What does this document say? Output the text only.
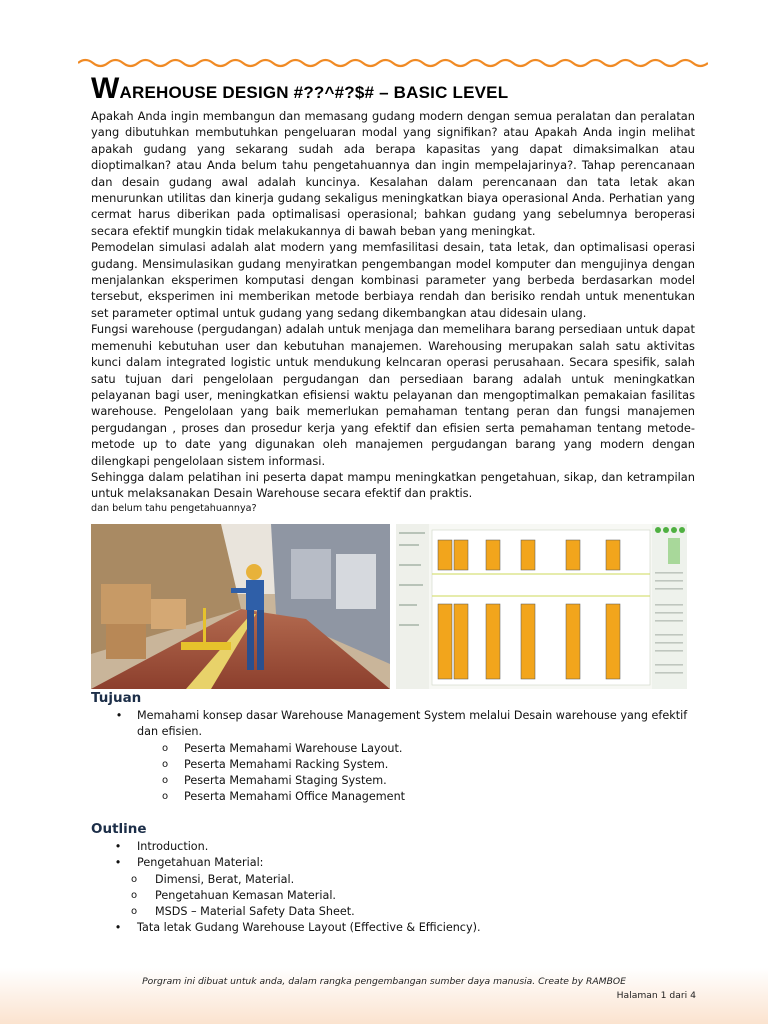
WAREHOUSE DESIGN #??^#?$# – BASIC LEVEL

Apakah Anda ingin membangun dan memasang gudang modern dengan semua peralatan dan peralatan yang dibutuhkan membutuhkan pengeluaran modal yang signifikan? atau Apakah Anda ingin melihat apakah gudang yang sekarang sudah ada berapa kapasitas yang dapat dimaksimalkan atau dioptimalkan? atau Anda belum tahu pengetahuannya dan ingin mempelajarinya?. Tahap perencanaan dan desain gudang awal adalah kuncinya. Kesalahan dalam perencanaan dan tata letak akan menurunkan utilitas dan kinerja gudang sekaligus meningkatkan biaya operasional Anda. Perhatian yang cermat harus diberikan pada optimalisasi operasional; bahkan gudang yang sebelumnya beroperasi secara efektif mungkin tidak melakukannya di bawah beban yang meningkat.

Pemodelan simulasi adalah alat modern yang memfasilitasi desain, tata letak, dan optimalisasi operasi gudang. Mensimulasikan gudang menyiratkan pengembangan model komputer dan mengujinya dengan menjalankan eksperimen komputasi dengan kombinasi parameter yang berbeda berdasarkan model tersebut, eksperimen ini memberikan metode berbiaya rendah dan berisiko rendah untuk menentukan set parameter optimal untuk gudang yang sedang dikembangkan atau didesain ulang.

Fungsi warehouse (pergudangan) adalah untuk menjaga dan memelihara barang persediaan untuk dapat memenuhi kebutuhan user dan kebutuhan manajemen. Warehousing merupakan salah satu aktivitas kunci dalam integrated logistic untuk mendukung kelncaran operasi perusahaan. Secara spesifik, salah satu tujuan dari pengelolaan pergudangan dan persediaan barang adalah untuk meningkatkan pelayanan bagi user, meningkatkan efisiensi waktu pelayanan dan mengoptimalkan pemakaian fasilitas warehouse. Pengelolaan yang baik memerlukan pemahaman tentang peran dan fungsi manajemen pergudangan , proses dan prosedur kerja yang efektif dan efisien serta pemahaman tentang metode-metode up to date yang digunakan oleh manajemen pergudangan barang yang modern dengan dilengkapi pengelolaan sistem informasi.

Sehingga dalam pelatihan ini peserta dapat mampu meningkatkan pengetahuan, sikap, dan ketrampilan untuk melaksanakan Desain Warehouse secara efektif dan praktis.

dan belum tahu pengetahuannya?

Tujuan
• Memahami konsep dasar Warehouse Management System melalui Desain warehouse yang efektif
dan efisien.
o Peserta Memahami Warehouse Layout.
o Peserta Memahami Racking System.
o Peserta Memahami Staging System.
o Peserta Memahami Office Management
Outline
• Introduction.
• Pengetahuan Material:
o Dimensi, Berat, Material.
o Pengetahuan Kemasan Material.
o MSDS – Material Safety Data Sheet.
• Tata letak Gudang Warehouse Layout (Effective & Efficiency).
Porgram ini dibuat untuk anda, dalam rangka pengembangan sumber daya manusia. Create by RAMBOE
Halaman 1 dari 4
